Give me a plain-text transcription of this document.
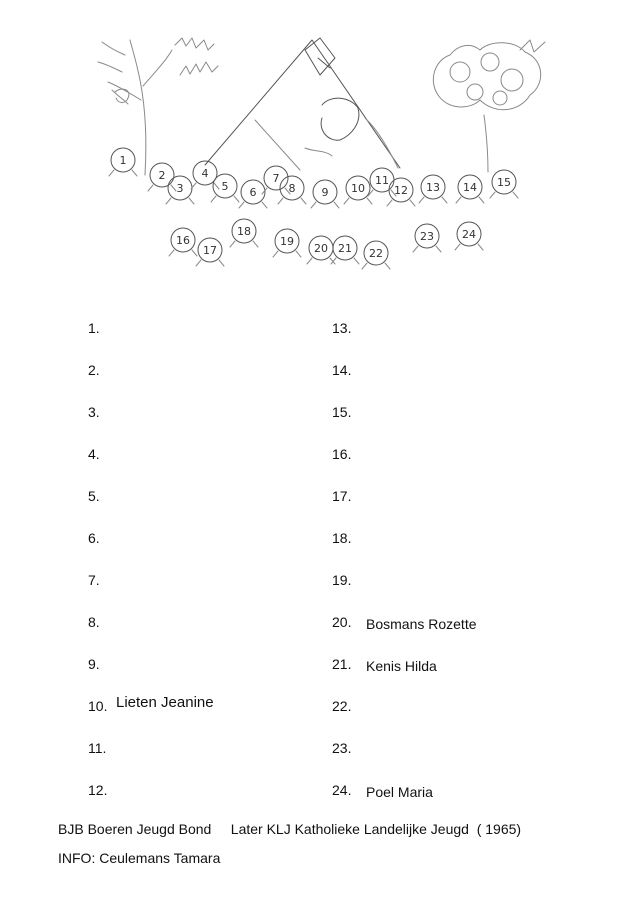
1
2
3
4
5 6
7
8 9 10
11
12 13 14 15
16
17
18
19
20 21 22
23	24
1.
2.
3.
4.
5.
6.
7.
8.
9.
10. Lieten Jeanine
11.
12.
13.
14.
15.
16.
17.
18.
19.
20. Bosmans Rozette
21. Kenis Hilda
22.
23.
24. Poel Maria
BJB Boeren Jeugd Bond     Later KLJ Katholieke Landelijke Jeugd  ( 1965)
INFO: Ceulemans Tamara
